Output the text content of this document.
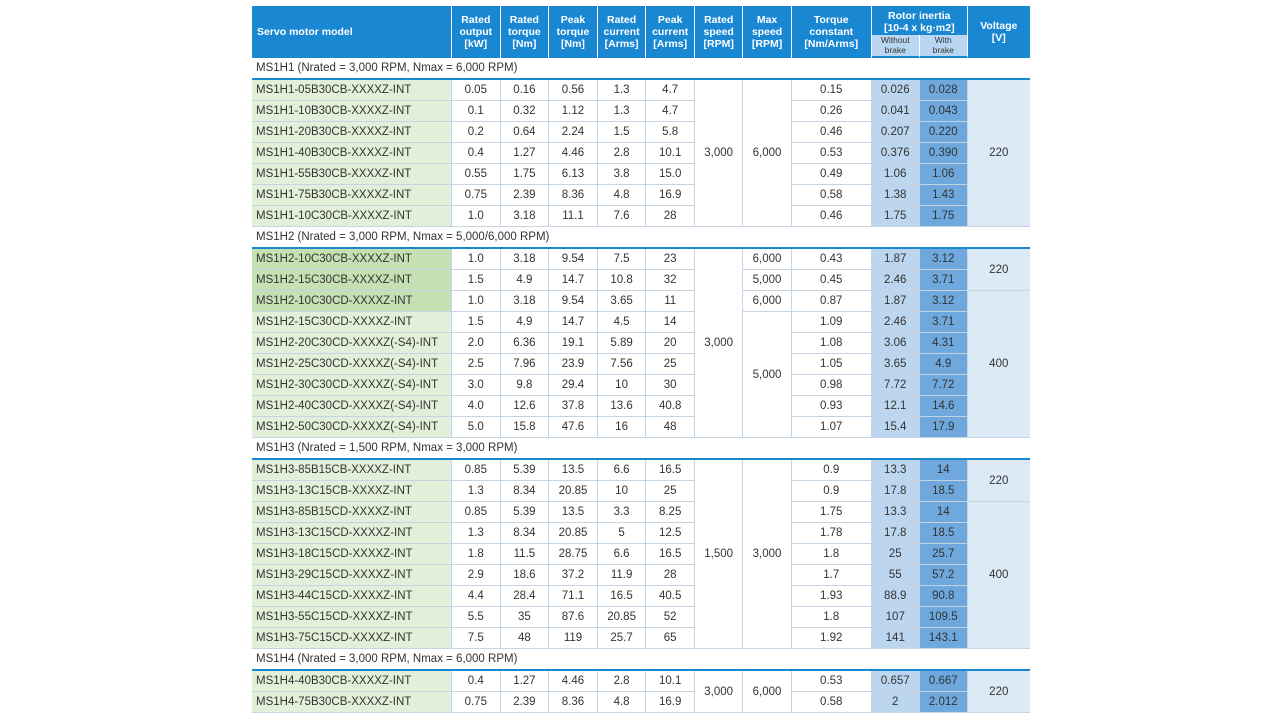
Servo motor model	Rated
output
[kW]	Rated
torque
[Nm]	Peak
torque
[Nm]	Rated
current
[Arms]	Peak
current
[Arms]	Rated
speed
[RPM]	Max
speed
[RPM]	Torque
constant
[Nm/Arms]	Rotor inertia
[10-4 x kg·m2]		Voltage
[V]
									Without
brake	With
brake	
MS1H1 (Nrated = 3,000 RPM, Nmax = 6,000 RPM)											
MS1H1-05B30CB-XXXXZ-INT	0.05	0.16	0.56	1.3	4.7	3,000	6,000	0.15	0.026	0.028	220
MS1H1-10B30CB-XXXXZ-INT	0.1	0.32	1.12	1.3	4.7			0.26	0.041	0.043	
MS1H1-20B30CB-XXXXZ-INT	0.2	0.64	2.24	1.5	5.8			0.46	0.207	0.220	
MS1H1-40B30CB-XXXXZ-INT	0.4	1.27	4.46	2.8	10.1			0.53	0.376	0.390	
MS1H1-55B30CB-XXXXZ-INT	0.55	1.75	6.13	3.8	15.0			0.49	1.06	1.06	
MS1H1-75B30CB-XXXXZ-INT	0.75	2.39	8.36	4.8	16.9			0.58	1.38	1.43	
MS1H1-10C30CB-XXXXZ-INT	1.0	3.18	11.1	7.6	28			0.46	1.75	1.75	
MS1H2 (Nrated = 3,000 RPM, Nmax = 5,000/6,000 RPM)											
MS1H2-10C30CB-XXXXZ-INT	1.0	3.18	9.54	7.5	23	3,000	6,000	0.43	1.87	3.12	220
MS1H2-15C30CB-XXXXZ-INT	1.5	4.9	14.7	10.8	32		5,000	0.45	2.46	3.71	
MS1H2-10C30CD-XXXXZ-INT	1.0	3.18	9.54	3.65	11		6,000	0.87	1.87	3.12	400
MS1H2-15C30CD-XXXXZ-INT	1.5	4.9	14.7	4.5	14		5,000	1.09	2.46	3.71	
MS1H2-20C30CD-XXXXZ(-S4)-INT	2.0	6.36	19.1	5.89	20			1.08	3.06	4.31	
MS1H2-25C30CD-XXXXZ(-S4)-INT	2.5	7.96	23.9	7.56	25			1.05	3.65	4.9	
MS1H2-30C30CD-XXXXZ(-S4)-INT	3.0	9.8	29.4	10	30			0.98	7.72	7.72	
MS1H2-40C30CD-XXXXZ(-S4)-INT	4.0	12.6	37.8	13.6	40.8			0.93	12.1	14.6	
MS1H2-50C30CD-XXXXZ(-S4)-INT	5.0	15.8	47.6	16	48			1.07	15.4	17.9	
MS1H3 (Nrated = 1,500 RPM, Nmax = 3,000 RPM)											
MS1H3-85B15CB-XXXXZ-INT	0.85	5.39	13.5	6.6	16.5	1,500	3,000	0.9	13.3	14	220
MS1H3-13C15CB-XXXXZ-INT	1.3	8.34	20.85	10	25			0.9	17.8	18.5	
MS1H3-85B15CD-XXXXZ-INT	0.85	5.39	13.5	3.3	8.25			1.75	13.3	14	400
MS1H3-13C15CD-XXXXZ-INT	1.3	8.34	20.85	5	12.5			1.78	17.8	18.5	
MS1H3-18C15CD-XXXXZ-INT	1.8	11.5	28.75	6.6	16.5			1.8	25	25.7	
MS1H3-29C15CD-XXXXZ-INT	2.9	18.6	37.2	11.9	28			1.7	55	57.2	
MS1H3-44C15CD-XXXXZ-INT	4.4	28.4	71.1	16.5	40.5			1.93	88.9	90.8	
MS1H3-55C15CD-XXXXZ-INT	5.5	35	87.6	20.85	52			1.8	107	109.5	
MS1H3-75C15CD-XXXXZ-INT	7.5	48	119	25.7	65			1.92	141	143.1	
MS1H4 (Nrated = 3,000 RPM, Nmax = 6,000 RPM)											
MS1H4-40B30CB-XXXXZ-INT	0.4	1.27	4.46	2.8	10.1	3,000	6,000	0.53	0.657	0.667	220
MS1H4-75B30CB-XXXXZ-INT	0.75	2.39	8.36	4.8	16.9			0.58	2	2.012	
